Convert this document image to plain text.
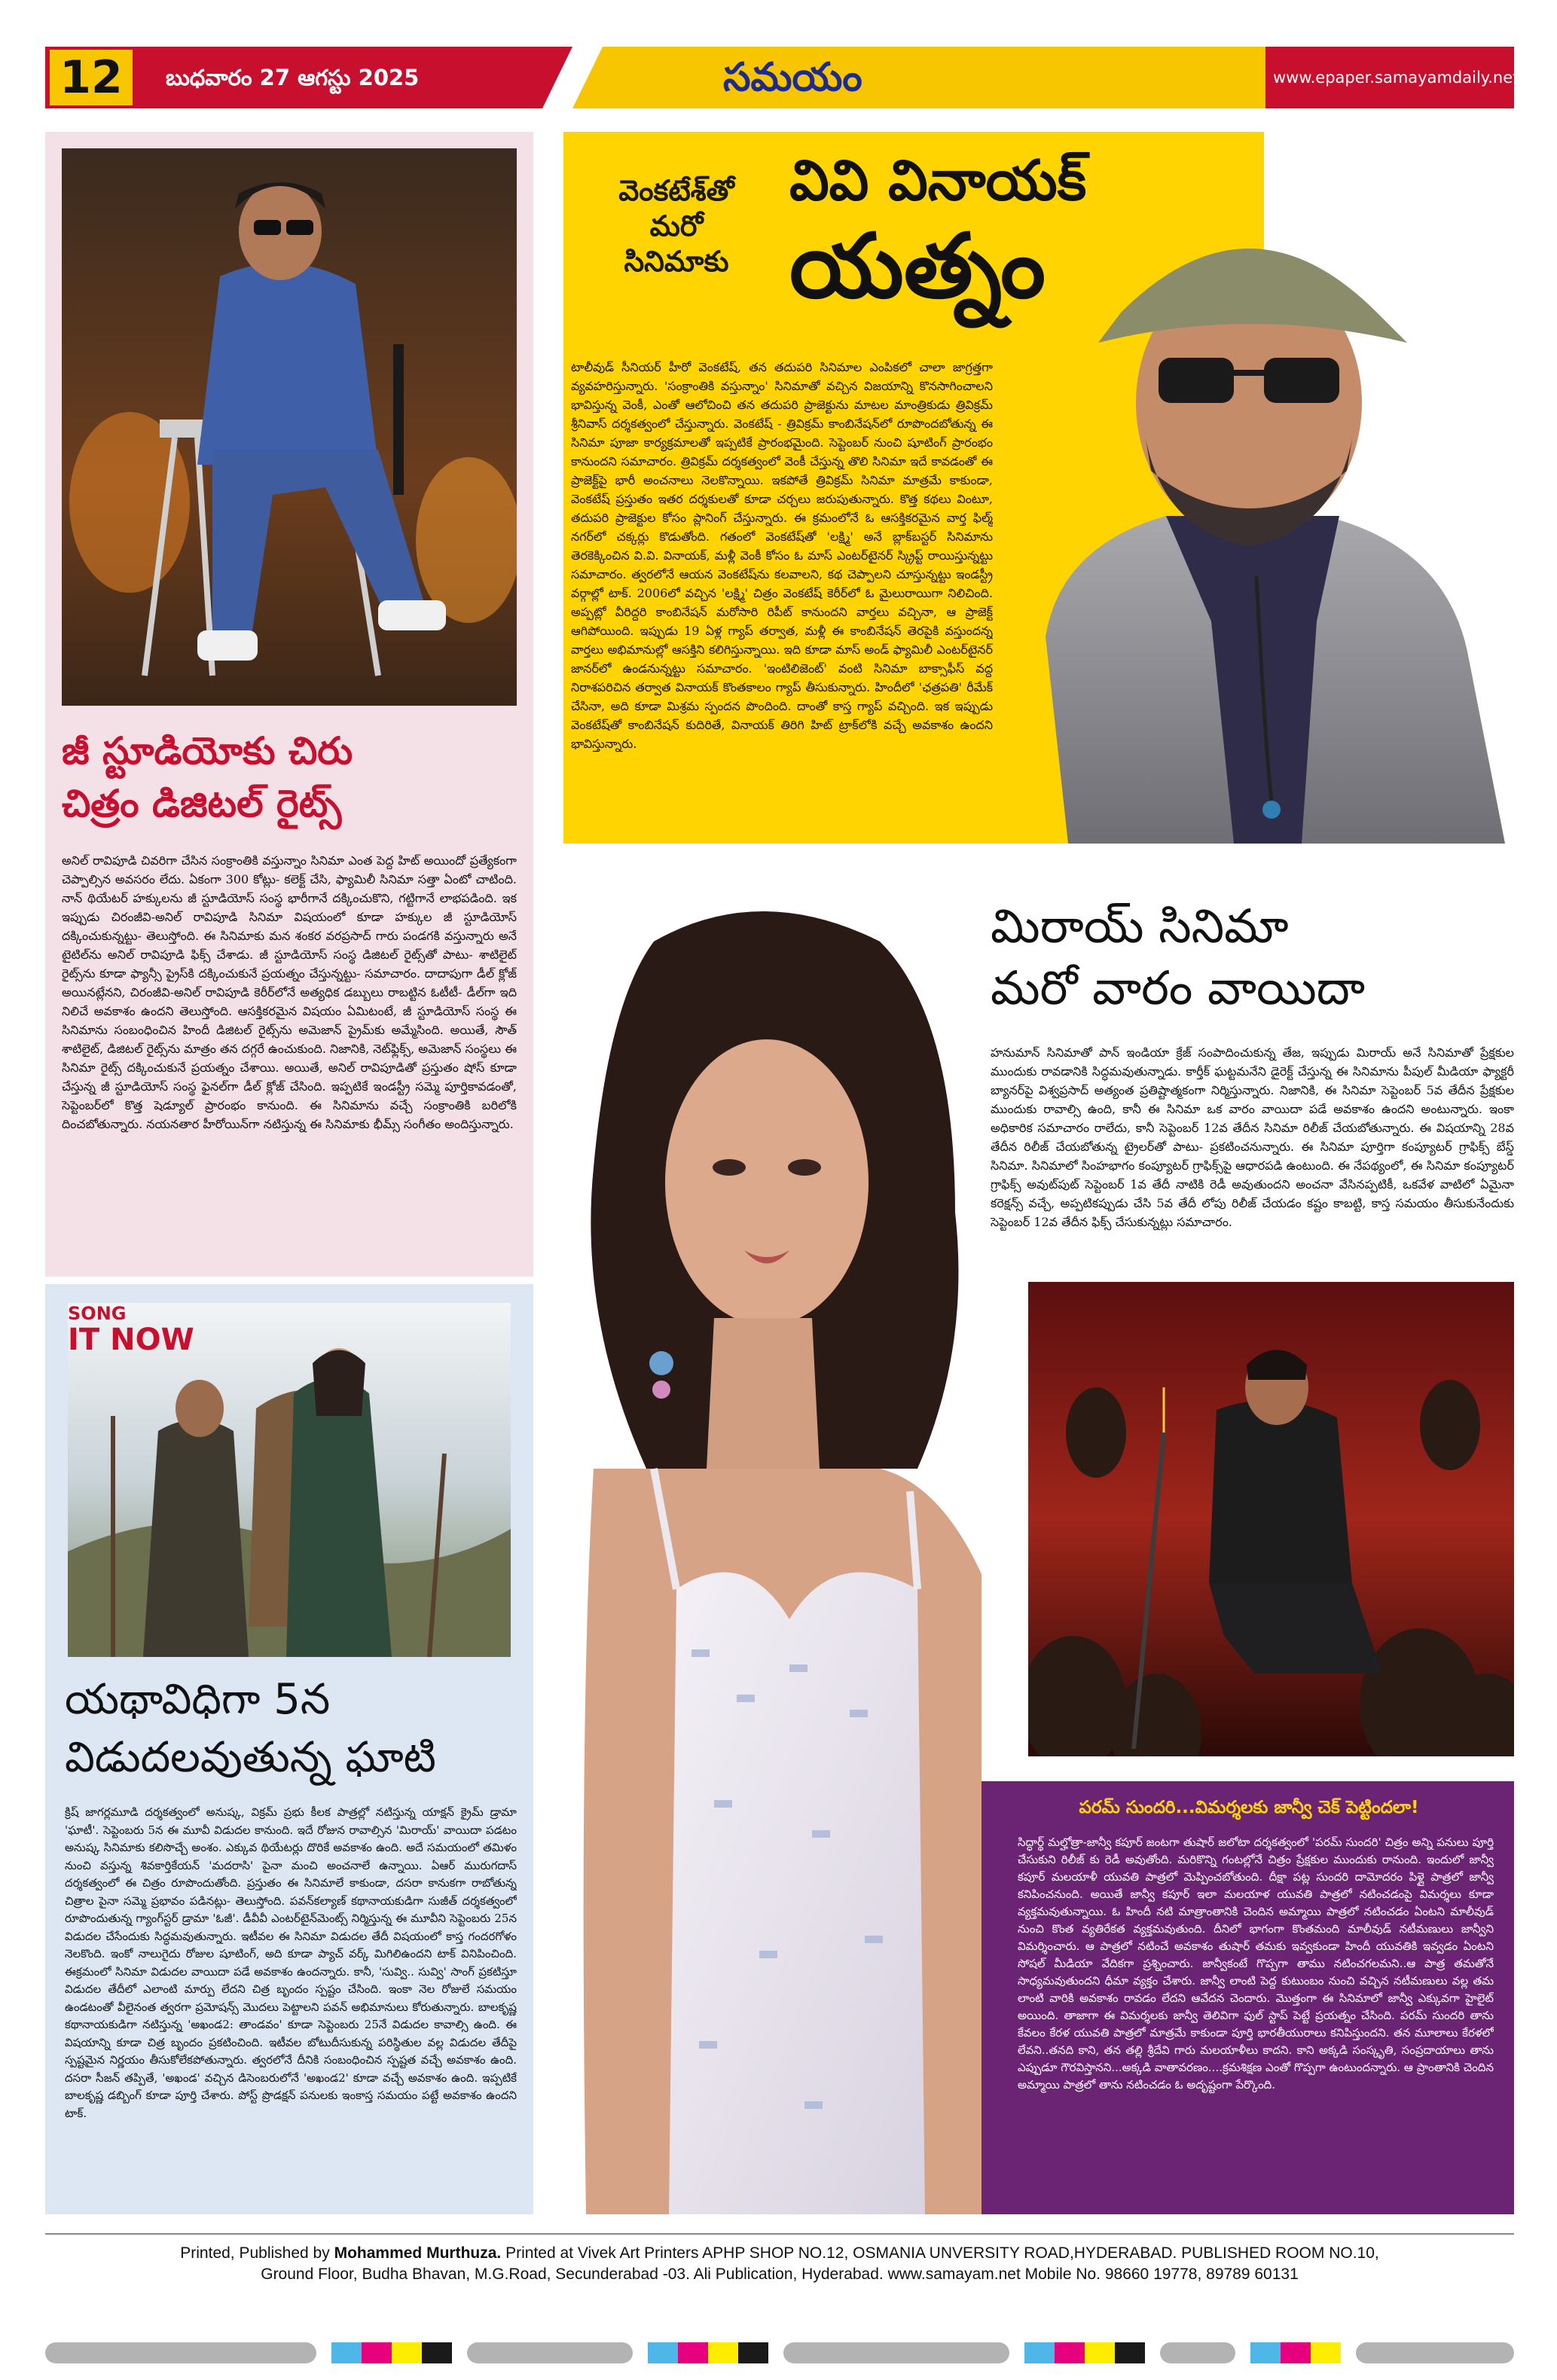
12	బుధవారం 27 ఆగస్టు 2025	సమయం	www.epaper.samayamdaily.net
వెంకటేశ్‌తో
మరో
సినిమాకు
వివి వినాయక్
యత్నం

టాలీవుడ్ సీనియర్ హీరో వెంకటేష్, తన తదుపరి సినిమాల ఎంపికలో చాలా జాగ్రత్తగా వ్యవహరిస్తున్నారు. 'సంక్రాంతికి వస్తున్నాం' సినిమాతో వచ్చిన విజయాన్ని కొనసాగించాలని భావిస్తున్న వెంకీ, ఎంతో ఆలోచించి తన తదుపరి ప్రాజెక్టును మాటల మాంత్రికుడు త్రివిక్రమ్ శ్రీనివాస్ దర్శకత్వంలో చేస్తున్నారు. వెంకటేష్ - త్రివిక్రమ్ కాంబినేషన్‌లో రూపొందబోతున్న ఈ సినిమా పూజా కార్యక్రమాలతో ఇప్పటికే ప్రారంభమైంది. సెప్టెంబర్ నుంచి షూటింగ్ ప్రారంభం కానుందని సమాచారం. త్రివిక్రమ్ దర్శకత్వంలో వెంకీ చేస్తున్న తొలి సినిమా ఇదే కావడంతో ఈ ప్రాజెక్ట్‌పై భారీ అంచనాలు నెలకొన్నాయి. ఇకపోతే త్రివిక్రమ్ సినిమా మాత్రమే కాకుండా, వెంకటేష్ ప్రస్తుతం ఇతర దర్శకులతో కూడా చర్చలు జరుపుతున్నారు. కొత్త కథలు వింటూ, తదుపరి ప్రాజెక్టుల కోసం ప్లానింగ్ చేస్తున్నారు. ఈ క్రమంలోనే ఓ ఆసక్తికరమైన వార్త ఫిల్మ్ నగర్‌లో చక్కర్లు కొడుతోంది. గతంలో వెంకటేష్‌తో 'లక్ష్మి' అనే బ్లాక్‌బస్టర్ సినిమాను తెరకెక్కించిన వి.వి. వినాయక్, మళ్లీ వెంకీ కోసం ఓ మాస్ ఎంటర్‌టైనర్ స్క్రిప్ట్ రాయిస్తున్నట్టు సమాచారం. త్వరలోనే ఆయన వెంకటేష్‌ను కలవాలని, కథ చెప్పాలని చూస్తున్నట్టు ఇండస్ట్రీ వర్గాల్లో టాక్. 2006లో వచ్చిన 'లక్ష్మి' చిత్రం వెంకటేష్ కెరీర్‌లో ఓ మైలురాయిగా నిలిచింది. అప్పట్లో వీరిద్దరి కాంబినేషన్ మరోసారి రిపీట్ కానుందని వార్తలు వచ్చినా, ఆ ప్రాజెక్ట్ ఆగిపోయింది. ఇప్పుడు 19 ఏళ్ల గ్యాప్ తర్వాత, మళ్లీ ఈ కాంబినేషన్ తెరపైకి వస్తుందన్న వార్తలు అభిమానుల్లో ఆసక్తిని కలిగిస్తున్నాయి. ఇది కూడా మాస్ అండ్ ఫ్యామిలీ ఎంటర్‌టైనర్ జానర్‌లో ఉండనున్నట్టు సమాచారం. 'ఇంటిలిజెంట్' వంటి సినిమా బాక్సాఫీస్ వద్ద నిరాశపరిచిన తర్వాత వినాయక్ కొంతకాలం గ్యాప్ తీసుకున్నారు. హిందీలో 'ఛత్రపతి' రీమేక్ చేసినా, అది కూడా మిశ్రమ స్పందన పొందింది. దాంతో కాస్త గ్యాప్ వచ్చింది. ఇక ఇప్పుడు వెంకటేష్‌తో కాంబినేషన్ కుదిరితే, వినాయక్ తిరిగి హిట్ ట్రాక్‌లోకి వచ్చే అవకాశం ఉందని భావిస్తున్నారు.

జీ స్టూడియోకు చిరు
చిత్రం డిజిటల్ రైట్స్

అనిల్ రావిపూడి చివరిగా చేసిన సంక్రాంతికి వస్తున్నాం సినిమా ఎంత పెద్ద హిట్ అయిందో ప్రత్యేకంగా చెప్పాల్సిన అవసరం లేదు. ఏకంగా 300 కోట్లు- కలెక్ట్ చేసి, ఫ్యామిలీ సినిమా సత్తా ఏంటో చాటింది. నాన్ థియేటర్ హక్కులను జీ స్టూడియోస్ సంస్థ భారీగానే దక్కించుకొని, గట్టిగానే లాభపడింది. ఇక ఇప్పుడు చిరంజీవి-అనిల్ రావిపూడి సినిమా విషయంలో కూడా హక్కుల జీ స్టూడియోస్ దక్కించుకున్నట్టు- తెలుస్తోంది. ఈ సినిమాకు మన శంకర వరప్రసాద్ గారు పండగకి వస్తున్నారు అనే టైటిల్‌ను అనిల్ రావిపూడి ఫిక్స్ చేశాడు. జీ స్టూడియోస్ సంస్థ డిజిటల్ రైట్స్‌తో పాటు- శాటిలైట్ రైట్స్‌ను కూడా ఫ్యాన్సీ ప్రైస్‌కి దక్కించుకునే ప్రయత్నం చేస్తున్నట్టు- సమాచారం. దాదాపుగా డీల్ క్లోజ్ అయినట్లేనని, చిరంజీవి-అనిల్ రావిపూడి కెరీర్‌లోనే అత్యధిక డబ్బులు రాబట్టిన ఓటీటీ- డీల్‌గా ఇది నిలిచే అవకాశం ఉందని తెలుస్తోంది. ఆసక్తికరమైన విషయం ఏమిటంటే, జీ స్టూడియోస్ సంస్థ ఈ సినిమాను సంబంధించిన హిందీ డిజిటల్ రైట్స్‌ను అమెజాన్ ప్రైమ్‌కు అమ్మేసింది. అయితే, సౌత్ శాటిలైట్, డిజిటల్ రైట్స్‌ను మాత్రం తన దగ్గరే ఉంచుకుంది. నిజానికి, నెట్‌ఫ్లిక్స్, అమెజాన్ సంస్థలు ఈ సినిమా రైట్స్ దక్కించుకునే ప్రయత్నం చేశాయి. అయితే, అనిల్ రావిపూడితో ప్రస్తుతం షోస్ కూడా చేస్తున్న జీ స్టూడియోస్ సంస్థ ఫైనల్‌గా డీల్ క్లోజ్ చేసింది. ఇప్పటికే ఇండస్ట్రీ సమ్మె పూర్తికావడంతో, సెప్టెంబర్‌లో కొత్త షెడ్యూల్ ప్రారంభం కానుంది. ఈ సినిమాను వచ్చే సంక్రాంతికి బరిలోకి దించబోతున్నారు. నయనతార హీరోయిన్‌గా నటిస్తున్న ఈ సినిమాకు భీమ్స్ సంగీతం అందిస్తున్నారు.

SONG
IT NOW
యథావిధిగా 5న
విడుదలవుతున్న ఘాటి

క్రిష్ జాగర్లమూడి దర్శకత్వంలో అనుష్క, విక్రమ్ ప్రభు కీలక పాత్రల్లో నటిస్తున్న యాక్షన్ క్రైమ్ డ్రామా 'ఘాటీ'. సెప్టెంబరు 5న ఈ మూవీ విడుదల కానుంది. ఇదే రోజున రావాల్సిన 'మిరాయ్' వాయిదా పడటం అనుష్క సినిమాకు కలిసొచ్చే అంశం. ఎక్కువ థియేటర్లు దొరికే అవకాశం ఉంది. అదే సమయంలో తమిళం నుంచి వస్తున్న శివకార్తికేయన్ 'మదరాసి' పైనా మంచి అంచనాలే ఉన్నాయి. ఏఆర్ మురుగదాస్ దర్శకత్వంలో ఈ చిత్రం రూపొందుతోంది. ప్రస్తుతం ఈ సినిమాలే కాకుండా, దసరా కానుకగా రాబోతున్న చిత్రాల పైనా సమ్మె ప్రభావం పడినట్లు- తెలుస్తోంది. పవన్‌కల్యాణ్ కథానాయకుడిగా సుజీత్ దర్శకత్వంలో రూపొందుతున్న గ్యాంగ్‌స్టర్ డ్రామా 'ఓజీ'. డీవీవీ ఎంటర్‌టైన్‌మెంట్స్ నిర్మిస్తున్న ఈ మూవీని సెప్టెంబరు 25న విడుదల చేసేందుకు సిద్ధమవుతున్నారు. ఇటీవల ఈ సినిమా విడుదల తేదీ విషయంలో కాస్త గందరగోళం నెలకొంది. ఇంకో నాలుగైదు రోజుల షూటింగ్, అది కూడా ప్యాచ్ వర్క్ మిగిలిఉందని టాక్ వినిపించింది. ఈక్రమంలో సినిమా విడుదల వాయిదా పడే అవకాశం ఉందన్నారు. కానీ, 'సువ్వి.. సువ్వి' సాంగ్ ప్రకటిస్తూ విడుదల తేదీలో ఎలాంటి మార్పు లేదని చిత్ర బృందం స్పష్టం చేసింది. ఇంకా నెల రోజులే సమయం ఉండటంతో వీలైనంత త్వరగా ప్రమోషన్స్ మొదలు పెట్టాలని పవన్ అభిమానులు కోరుతున్నారు. బాలకృష్ణ కథానాయకుడిగా నటిస్తున్న 'అఖండ2: తాండవం' కూడా సెప్టెంబరు 25నే విడుదల కావాల్సి ఉంది. ఈ విషయాన్ని కూడా చిత్ర బృందం ప్రకటించింది. ఇటీవల బోటుదీసుకున్న పరిస్థితుల వల్ల విడుదల తేదీపై స్పష్టమైన నిర్ణయం తీసుకోలేకపోతున్నారు. త్వరలోనే దీనికి సంబంధించిన స్పష్టత వచ్చే అవకాశం ఉంది. దసరా సీజన్ తప్పితే, 'అఖండ' వచ్చిన డిసెంబరులోనే 'అఖండ2' కూడా వచ్చే అవకాశం ఉంది. ఇప్పటికే బాలకృష్ణ డబ్బింగ్ కూడా పూర్తి చేశారు. పోస్ట్ ప్రొడక్షన్ పనులకు ఇంకాస్త సమయం పట్టే అవకాశం ఉందని టాక్.

మిరాయ్ సినిమా
మరో వారం వాయిదా

హనుమాన్ సినిమాతో పాన్ ఇండియా క్రేజ్ సంపాదించుకున్న తేజ, ఇప్పుడు మిరాయ్ అనే సినిమాతో ప్రేక్షకుల ముందుకు రావడానికి సిద్ధమవుతున్నాడు. కార్తీక్ ఘట్టమనేని డైరెక్ట్ చేస్తున్న ఈ సినిమాను పీపుల్ మీడియా ఫ్యాక్టరీ బ్యానర్‌పై విశ్వప్రసాద్ అత్యంత ప్రతిష్టాత్మకంగా నిర్మిస్తున్నారు. నిజానికి, ఈ సినిమా సెప్టెంబర్ 5వ తేదీన ప్రేక్షకుల ముందుకు రావాల్సి ఉంది, కానీ ఈ సినిమా ఒక వారం వాయిదా పడే అవకాశం ఉందని అంటున్నారు. ఇంకా అధికారిక సమాచారం రాలేదు, కానీ సెప్టెంబర్ 12వ తేదీన సినిమా రిలీజ్ చేయబోతున్నారు. ఈ విషయాన్ని 28వ తేదీన రిలీజ్ చేయబోతున్న ట్రైలర్‌తో పాటు- ప్రకటించనున్నారు. ఈ సినిమా పూర్తిగా కంప్యూటర్ గ్రాఫిక్స్ బేస్డ్ సినిమా. సినిమాలో సింహభాగం కంప్యూటర్ గ్రాఫిక్స్‌పై ఆధారపడి ఉంటుంది. ఈ నేపథ్యంలో, ఈ సినిమా కంప్యూటర్ గ్రాఫిక్స్ అవుట్‌పుట్ సెప్టెంబర్ 1వ తేదీ నాటికి రెడీ అవుతుందని అంచనా వేసినప్పటికీ, ఒకవేళ వాటిలో ఏమైనా కరెక్షన్స్ వచ్చే, అప్పటికప్పుడు చేసి 5వ తేదీ లోపు రిలీజ్ చేయడం కష్టం కాబట్టి, కాస్త సమయం తీసుకునేందుకు సెప్టెంబర్ 12వ తేదీన ఫిక్స్ చేసుకున్నట్లు సమాచారం.

పరమ్ సుందరి...విమర్శలకు జాన్వీ చెక్ పెట్టిందలా!

సిద్ధార్థ్ మల్హోత్రా-జాన్వీ కపూర్ జంటగా తుషార్ జలోటా దర్శకత్వంలో 'పరమ్ సుందరి' చిత్రం అన్ని పనులు పూర్తి చేసుకుని రిలీజ్ కు రెడీ అవుతోంది. మరికొన్ని గంటల్లోనే చిత్రం ప్రేక్షకుల ముందుకు రానుంది. ఇందులో జాన్వీ కపూర్ మలయాళీ యువతి పాత్రలో మెప్పించబోతుంది. దీక్షా పట్ల సుందరి దామోదరం పిళ్లై పాత్రలో జాన్వీ కనిపించనుంది. అయితే జాన్వీ కపూర్ ఇలా మలయాళ యువతి పాత్రలో నటించడంపై విమర్శలు కూడా వ్యక్తమవుతున్నాయి. ఓ హిందీ నటి మాత్రాంతానికి చెందిన అమ్మాయి పాత్రలో నటించడం ఏంటని మాలీవుడ్ నుంచి కొంత వ్యతిరేకత వ్యక్తమవుతుంది. దీనిలో భాగంగా కొంతమంది మాలీవుడ్ నటీమణులు జాన్వీని విమర్శించారు. ఆ పాత్రలో నటించే అవకాశం తుషార్ తమకు ఇవ్వకుండా హిందీ యువతికి ఇవ్వడం ఏంటని సోషల్ మీడియా వేదికగా ప్రశ్నించారు. జాన్వీకంటే గొప్పగా తాము నటించగలమని..ఆ పాత్ర తమతోనే సాధ్యమవుతుందని ధీమా వ్యక్తం చేశారు. జాన్వీ లాంటి పెద్ద కుటుంబం నుంచి వచ్చిన నటీమణులు వల్ల తమ లాంటి వారికి అవకాశం రావడం లేదని ఆవేదన చెందారు. మొత్తంగా ఈ సినిమాలో జాన్వీ ఎక్కువగా హైలైట్ అయింది. తాజాగా ఈ విమర్శలకు జాన్వీ తెలివిగా ఫుల్ స్టాప్ పెట్టే ప్రయత్నం చేసింది. పరమ్ సుందరి తాను కేవలం కేరళ యువతి పాత్రలో మాత్రమే కాకుండా పూర్తి భారతీయురాలు కనిపిస్తుందని. తన మూలాలు కేరళలో లేవని..తనది కాని, తన తల్లి శ్రీదేవి గారు మలయాళీలు కాదని. కాని అక్కడి సంస్కృతి, సంప్రదాయాలు తాను ఎప్పుడూ గౌరవిస్తానని...అక్కడి వాతావరణం....క్రమశిక్షణ ఎంతో గొప్పగా ఉంటుందన్నారు. ఆ ప్రాంతానికి చెందిన అమ్మాయి పాత్రలో తాను నటించడం ఓ అదృష్టంగా పేర్కొంది.

Printed, Published by Mohammed Murthuza. Printed at Vivek Art Printers APHP SHOP NO.12, OSMANIA UNVERSITY ROAD,HYDERABAD. PUBLISHED ROOM NO.10,
Ground Floor, Budha Bhavan, M.G.Road, Secunderabad -03. Ali Publication, Hyderabad. www.samayam.net Mobile No. 98660 19778, 89789 60131
